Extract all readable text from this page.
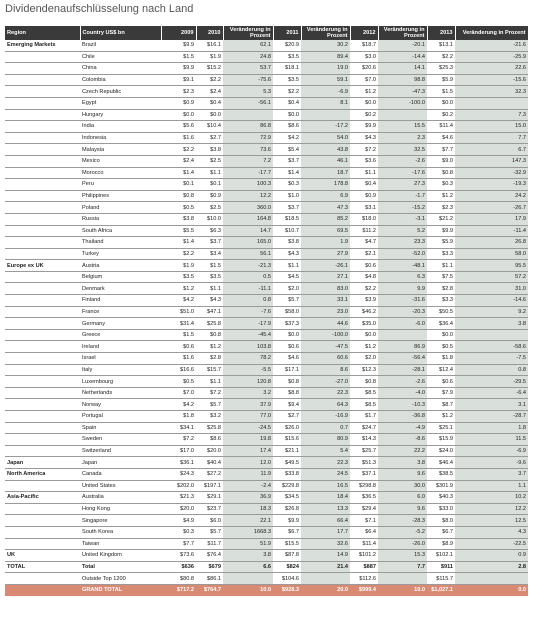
Dividendenaufschlüsselung nach Land
Region	Country US$ bn	2009	2010	Veränderung in Prozent	2011	Veränderung in Prozent	2012	Veränderung in Prozent	2013	Veränderung in Prozent
Emerging Markets	Brazil	$9.9	$16.1	62.1	$20.9	30.2	$18.7	-20.1	$13.1	-21.6
	Chile	$1.5	$1.9	24.8	$3.5	89.4	$3.0	-14.4	$2.2	-25.9
	China	$9.9	$15.2	53.7	$18.1	19.0	$20.6	14.1	$25.3	22.6
	Colombia	$9.1	$2.2	-75.6	$3.5	59.1	$7.0	98.8	$5.9	-15.6
	Czech Republic	$2.3	$2.4	5.3	$2.2	-6.9	$1.2	-47.3	$1.5	32.3
	Egypt	$0.9	$0.4	-56.1	$0.4	8.1	$0.0	-100.0	$0.0	
	Hungary	$0.0	$0.0		$0.0		$0.2		$0.2	7.3
	India	$5.6	$10.4	86.8	$8.6	-17.2	$9.9	15.5	$11.4	15.0
	Indonesia	$1.6	$2.7	72.9	$4.2	54.0	$4.3	2.3	$4.6	7.7
	Malaysia	$2.2	$3.8	73.6	$5.4	43.8	$7.2	32.5	$7.7	6.7
	Mexico	$2.4	$2.5	7.2	$3.7	46.1	$3.6	-2.6	$9.0	147.3
	Morocco	$1.4	$1.1	-17.7	$1.4	18.7	$1.1	-17.6	$0.8	-32.9
	Peru	$0.1	$0.1	100.3	$0.3	178.8	$0.4	27.3	$0.3	-19.3
	Philippines	$0.8	$0.9	12.2	$1.0	6.9	$0.9	-1.7	$1.2	24.2
	Poland	$0.5	$2.5	360.0	$3.7	47.3	$3.1	-15.2	$2.3	-26.7
	Russia	$3.8	$10.0	164.8	$18.5	85.2	$18.0	-3.1	$21.2	17.9
	South Africa	$5.5	$6.3	14.7	$10.7	69.5	$11.2	5.2	$9.9	-11.4
	Thailand	$1.4	$3.7	165.0	$3.8	1.9	$4.7	23.3	$5.9	26.8
	Turkey	$2.2	$3.4	56.1	$4.3	27.9	$2.1	-52.0	$3.3	58.0
Europe ex UK	Austria	$1.9	$1.5	-21.3	$1.1	-26.1	$0.6	-48.1	$1.1	95.5
	Belgium	$3.5	$3.5	0.5	$4.5	27.1	$4.8	6.3	$7.5	57.2
	Denmark	$1.2	$1.1	-11.1	$2.0	83.0	$2.2	9.9	$2.8	31.0
	Finland	$4.2	$4.3	0.8	$5.7	33.1	$3.9	-31.6	$3.3	-14.6
	France	$51.0	$47.1	-7.6	$58.0	23.0	$46.2	-20.3	$50.5	9.2
	Germany	$31.4	$25.8	-17.9	$37.3	44.6	$35.0	-6.0	$36.4	3.8
	Greece	$1.5	$0.8	-45.4	$0.0	-100.0	$0.0		$0.0	
	Ireland	$0.6	$1.2	103.8	$0.6	-47.5	$1.2	86.9	$0.5	-58.6
	Israel	$1.6	$2.8	78.2	$4.6	60.6	$2.0	-56.4	$1.8	-7.5
	Italy	$16.6	$15.7	-5.5	$17.1	8.6	$12.3	-28.1	$12.4	0.8
	Luxembourg	$0.5	$1.1	120.8	$0.8	-27.0	$0.8	-2.6	$0.6	-29.5
	Netherlands	$7.0	$7.2	3.2	$8.8	22.3	$8.5	-4.0	$7.9	-6.4
	Norway	$4.2	$5.7	37.9	$9.4	64.3	$8.5	-10.3	$8.7	3.1
	Portugal	$1.8	$3.2	77.0	$2.7	-16.9	$1.7	-36.8	$1.2	-28.7
	Spain	$34.1	$25.8	-24.5	$26.0	0.7	$24.7	-4.9	$25.1	1.8
	Sweden	$7.2	$8.6	19.8	$15.6	80.9	$14.3	-8.6	$15.9	11.5
	Switzerland	$17.0	$20.0	17.4	$21.1	5.4	$25.7	22.2	$24.0	-6.9
Japan	Japan	$36.1	$40.4	12.0	$49.5	22.3	$51.3	3.8	$46.4	-9.6
North America	Canada	$24.3	$27.2	11.9	$33.8	24.5	$37.1	9.6	$38.5	3.7
	United States	$202.0	$197.1	-2.4	$229.8	16.5	$298.8	30.0	$301.9	1.1
Asia-Pacific	Australia	$21.3	$29.1	36.9	$34.5	18.4	$36.5	6.0	$40.3	10.2
	Hong Kong	$20.0	$23.7	18.3	$26.8	13.3	$29.4	9.6	$33.0	12.2
	Singapore	$4.9	$6.0	22.1	$9.9	66.4	$7.1	-28.3	$8.0	12.5
	South Korea	$0.3	$5.7	1668.3	$6.7	17.7	$6.4	-5.2	$6.7	4.3
	Taiwan	$7.7	$11.7	51.9	$15.5	32.6	$11.4	-26.0	$8.9	-22.5
UK	United Kingdom	$73.6	$76.4	3.8	$87.8	14.9	$101.2	15.3	$102.1	0.9
TOTAL	Total	$636	$679	6.6	$824	21.4	$887	7.7	$911	2.8
	Outside Top 1200	$80.8	$86.1		$104.6		$112.6		$115.7	
	GRAND TOTAL	$717.2	$764.7	10.0	$928.3	20.0	$999.4	10.0	$1,027.1	0.0
